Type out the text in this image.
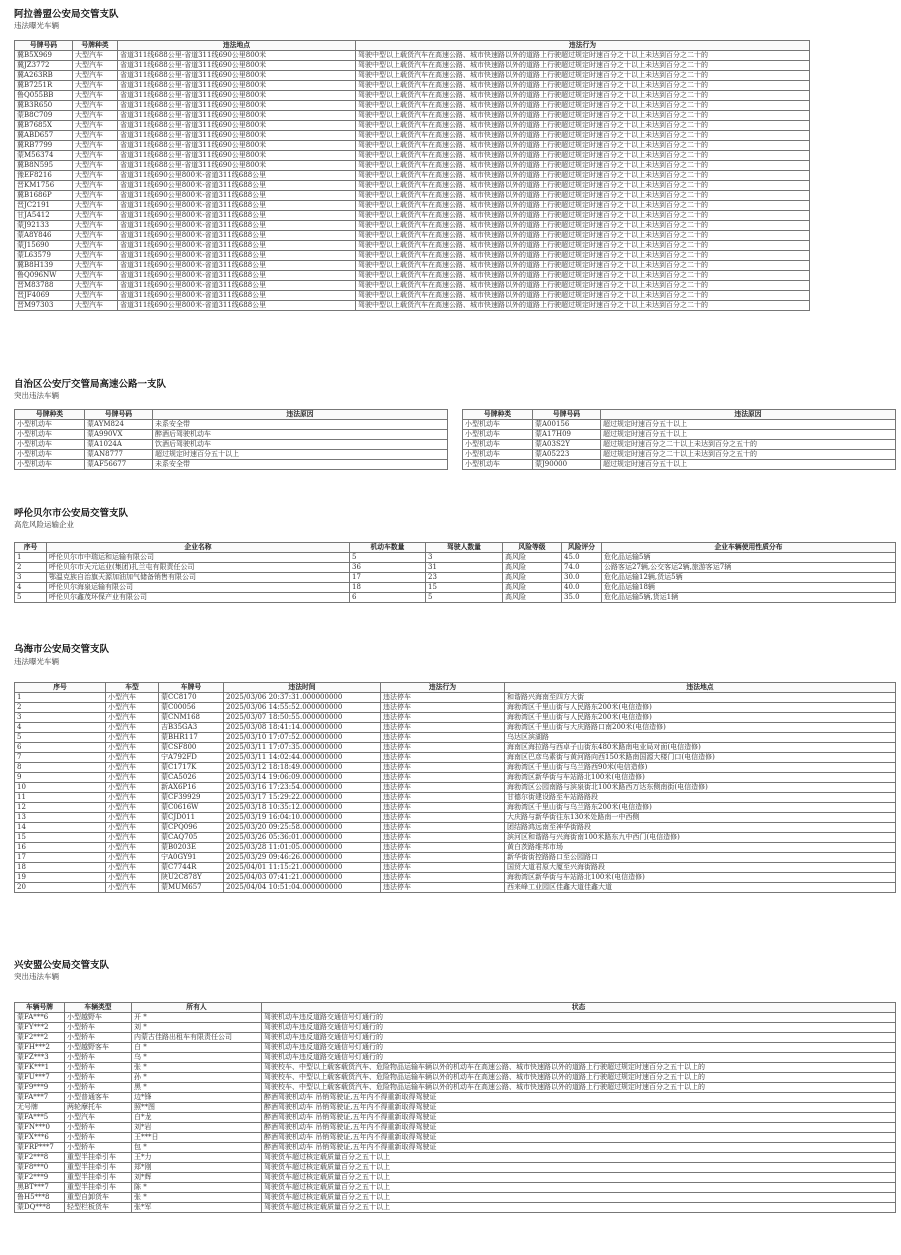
阿拉善盟公安局交管支队
违法曝光车辆
号牌号码	号牌种类	违法地点	违法行为
冀B5X969	大型汽车	省道311线688公里-省道311线690公里800米	驾驶中型以上载货汽车在高速公路、城市快速路以外的道路上行驶超过规定时速百分之十以上未达到百分之二十的
冀JZ3772	大型汽车	省道311线688公里-省道311线690公里800米	驾驶中型以上载货汽车在高速公路、城市快速路以外的道路上行驶超过规定时速百分之十以上未达到百分之二十的
冀A263RB	大型汽车	省道311线688公里-省道311线690公里800米	驾驶中型以上载货汽车在高速公路、城市快速路以外的道路上行驶超过规定时速百分之十以上未达到百分之二十的
冀B7251R	大型汽车	省道311线688公里-省道311线690公里800米	驾驶中型以上载货汽车在高速公路、城市快速路以外的道路上行驶超过规定时速百分之十以上未达到百分之二十的
鲁Q055BB	大型汽车	省道311线688公里-省道311线690公里800米	驾驶中型以上载货汽车在高速公路、城市快速路以外的道路上行驶超过规定时速百分之十以上未达到百分之二十的
冀B3R650	大型汽车	省道311线688公里-省道311线690公里800米	驾驶中型以上载货汽车在高速公路、城市快速路以外的道路上行驶超过规定时速百分之十以上未达到百分之二十的
蒙B8C709	大型汽车	省道311线688公里-省道311线690公里800米	驾驶中型以上载货汽车在高速公路、城市快速路以外的道路上行驶超过规定时速百分之十以上未达到百分之二十的
冀B7685X	大型汽车	省道311线688公里-省道311线690公里800米	驾驶中型以上载货汽车在高速公路、城市快速路以外的道路上行驶超过规定时速百分之十以上未达到百分之二十的
冀ABD657	大型汽车	省道311线688公里-省道311线690公里800米	驾驶中型以上载货汽车在高速公路、城市快速路以外的道路上行驶超过规定时速百分之十以上未达到百分之二十的
冀RB7799	大型汽车	省道311线688公里-省道311线690公里800米	驾驶中型以上载货汽车在高速公路、城市快速路以外的道路上行驶超过规定时速百分之十以上未达到百分之二十的
蒙M56374	大型汽车	省道311线688公里-省道311线690公里800米	驾驶中型以上载货汽车在高速公路、城市快速路以外的道路上行驶超过规定时速百分之十以上未达到百分之二十的
冀B8N595	大型汽车	省道311线688公里-省道311线690公里800米	驾驶中型以上载货汽车在高速公路、城市快速路以外的道路上行驶超过规定时速百分之十以上未达到百分之二十的
豫EF8216	大型汽车	省道311线690公里800米-省道311线688公里	驾驶中型以上载货汽车在高速公路、城市快速路以外的道路上行驶超过规定时速百分之十以上未达到百分之二十的
晋KM1756	大型汽车	省道311线690公里800米-省道311线688公里	驾驶中型以上载货汽车在高速公路、城市快速路以外的道路上行驶超过规定时速百分之十以上未达到百分之二十的
冀B1686P	大型汽车	省道311线690公里800米-省道311线688公里	驾驶中型以上载货汽车在高速公路、城市快速路以外的道路上行驶超过规定时速百分之十以上未达到百分之二十的
晋JC2191	大型汽车	省道311线690公里800米-省道311线688公里	驾驶中型以上载货汽车在高速公路、城市快速路以外的道路上行驶超过规定时速百分之十以上未达到百分之二十的
甘JA5412	大型汽车	省道311线690公里800米-省道311线688公里	驾驶中型以上载货汽车在高速公路、城市快速路以外的道路上行驶超过规定时速百分之十以上未达到百分之二十的
蒙J92133	大型汽车	省道311线690公里800米-省道311线688公里	驾驶中型以上载货汽车在高速公路、城市快速路以外的道路上行驶超过规定时速百分之十以上未达到百分之二十的
蒙A8Y846	大型汽车	省道311线690公里800米-省道311线688公里	驾驶中型以上载货汽车在高速公路、城市快速路以外的道路上行驶超过规定时速百分之十以上未达到百分之二十的
蒙J15690	大型汽车	省道311线690公里800米-省道311线688公里	驾驶中型以上载货汽车在高速公路、城市快速路以外的道路上行驶超过规定时速百分之十以上未达到百分之二十的
蒙L63579	大型汽车	省道311线690公里800米-省道311线688公里	驾驶中型以上载货汽车在高速公路、城市快速路以外的道路上行驶超过规定时速百分之十以上未达到百分之二十的
冀B8H139	大型汽车	省道311线690公里800米-省道311线688公里	驾驶中型以上载货汽车在高速公路、城市快速路以外的道路上行驶超过规定时速百分之十以上未达到百分之二十的
鲁Q096NW	大型汽车	省道311线690公里800米-省道311线688公里	驾驶中型以上载货汽车在高速公路、城市快速路以外的道路上行驶超过规定时速百分之十以上未达到百分之二十的
晋M83788	大型汽车	省道311线690公里800米-省道311线688公里	驾驶中型以上载货汽车在高速公路、城市快速路以外的道路上行驶超过规定时速百分之十以上未达到百分之二十的
晋JF4069	大型汽车	省道311线690公里800米-省道311线688公里	驾驶中型以上载货汽车在高速公路、城市快速路以外的道路上行驶超过规定时速百分之十以上未达到百分之二十的
晋M97303	大型汽车	省道311线690公里800米-省道311线688公里	驾驶中型以上载货汽车在高速公路、城市快速路以外的道路上行驶超过规定时速百分之十以上未达到百分之二十的
自治区公安厅交管局高速公路一支队
突出违法车辆
号牌种类	号牌号码	违法原因
小型机动车	蒙AYM824	未系安全带
小型机动车	蒙A990VX	醉酒后驾驶机动车
小型机动车	蒙A1024A	饮酒后驾驶机动车
小型机动车	蒙AN8777	超过规定时速百分五十以上
小型机动车	蒙AF56677	未系安全带
号牌种类	号牌号码	违法原因
小型机动车	蒙A00156	超过规定时速百分五十以上
小型机动车	蒙A17H09	超过规定时速百分五十以上
小型机动车	蒙A03S2Y	超过规定时速百分之二十以上未达到百分之五十的
小型机动车	蒙A05223	超过规定时速百分之二十以上未达到百分之五十的
小型机动车	蒙J90000	超过规定时速百分五十以上
呼伦贝尔市公安局交管支队
高危风险运输企业
序号	企业名称	机动车数量	驾驶人数量	风险等级	风险评分	企业车辆使用性质分布
1	呼伦贝尔市中瑞运和运输有限公司	5	3	高风险	45.0	危化品运输5辆
2	呼伦贝尔市天元运业(集团)扎兰屯有限责任公司	36	31	高风险	74.0	公路客运27辆,公交客运2辆,旅游客运7辆
3	鄂温克族自治旗天源加油加气储备销售有限公司	17	23	高风险	30.0	危化品运输12辆,货运5辆
4	呼伦贝尔海泉运输有限公司	18	15	高风险	40.0	危化品运输18辆
5	呼伦贝尔鑫茂环保产业有限公司	6	5	高风险	35.0	危化品运输5辆,货运1辆
乌海市公安局交管支队
违法曝光车辆
序号	车型	车牌号	违法时间	违法行为	违法地点
1	小型汽车	蒙CC8170	2025/03/06 20:37:31.000000000	违法停车	和谐路兴海南至四方大街
2	小型汽车	蒙C00056	2025/03/06 14:55:52.000000000	违法停车	海勃湾区千里山街与人民路东200米(电信造修)
3	小型汽车	蒙CNM168	2025/03/07 18:50:55.000000000	违法停车	海勃湾区千里山街与人民路东200米(电信造修)
4	小型汽车	吉B35GA3	2025/03/08 18:41:14.000000000	违法停车	海勃湾区千里山街与大庆路路口南200米(电信造修)
5	小型汽车	蒙BHR117	2025/03/10 17:07:52.000000000	违法停车	乌达区滨湖路
6	小型汽车	蒙CSF800	2025/03/11 17:07:35.000000000	违法停车	海南区海拉路与西卓子山街东480米路南电业局对面(电信造修)
7	小型汽车	宁A792FD	2025/03/11 14:02:44.000000000	违法停车	海南区巴彦乌素街与黄河路向西150米路南国源大楼门口(电信造修)
8	小型汽车	蒙C1717K	2025/03/12 18:18:49.000000000	违法停车	海勃湾区千里山街与乌兰路西90米(电信造修)
9	小型汽车	蒙CA5026	2025/03/14 19:06:09.000000000	违法停车	海勃湾区新华街与车站路北100米(电信造修)
10	小型汽车	新AX6P16	2025/03/16 17:23:54.000000000	违法停车	海勃湾区公园南路与滨泉街北100米路西万达东侧南街(电信造修)
11	小型汽车	蒙CF39929	2025/03/17 15:29:22.000000000	违法停车	甘德尔街建设路至车站路路段
12	小型汽车	蒙C0616W	2025/03/18 10:35:12.000000000	违法停车	海勃湾区千里山街与乌兰路东200米(电信造修)
13	小型汽车	蒙CJD011	2025/03/19 16:04:10.000000000	违法停车	大庆路与新华街往东130米处路南一中西侧
14	小型汽车	蒙CPQ096	2025/03/20 09:25:58.000000000	违法停车	团结路鸿远南至神华街路段
15	小型汽车	蒙CAQ705	2025/03/26 05:36:01.000000000	违法停车	滨河区和谐路与兴海街南100米路东九中西门(电信造修)
16	小型汽车	蒙B0203E	2025/03/28 11:01:05.000000000	违法停车	黄白茨路维邦市场
17	小型汽车	宁A0GY91	2025/03/29 09:46:26.000000000	违法停车	新华街街控路路口至公园路口
18	小型汽车	蒙C7744R	2025/04/01 11:15:21.000000000	违法停车	国贸大道君原大厦至兴海街路段
19	小型汽车	陕U2C878Y	2025/04/03 07:41:21.000000000	违法停车	海勃湾区新华街与车站路北100米(电信造修)
20	小型汽车	蒙MUM657	2025/04/04 10:51:04.000000000	违法停车	西来峰工业园区佳鑫大道佳鑫大道
兴安盟公安局交管支队
突出违法车辆
车辆号牌	车辆类型	所有人	状态
蒙FA***6	小型越野车	开 *	驾驶机动车违反道路交通信号灯通行的
蒙FY***2	小型轿车	刘 *	驾驶机动车违反道路交通信号灯通行的
蒙F2***2	小型轿车	内蒙古佳路出租车有限责任公司	驾驶机动车违反道路交通信号灯通行的
蒙FH***2	小型越野客车	白 *	驾驶机动车违反道路交通信号灯通行的
蒙FZ***3	小型轿车	乌 *	驾驶机动车违反道路交通信号灯通行的
蒙FK***1	小型轿车	张 *	驾驶校车、中型以上载客载货汽车、危险物品运输车辆以外的机动车在高速公路、城市快速路以外的道路上行驶超过规定时速百分之五十以上的
蒙FU***7	小型轿车	孙 *	驾驶校车、中型以上载客载货汽车、危险物品运输车辆以外的机动车在高速公路、城市快速路以外的道路上行驶超过规定时速百分之五十以上的
蒙F9***9	小型轿车	黑 *	驾驶校车、中型以上载客载货汽车、危险物品运输车辆以外的机动车在高速公路、城市快速路以外的道路上行驶超过规定时速百分之五十以上的
蒙FA***7	小型普通客车	边*锋	醉酒驾驶机动车 吊销驾驶证,五年内不得重新取得驾驶证
无号牌	两轮摩托车	照**图	醉酒驾驶机动车 吊销驾驶证,五年内不得重新取得驾驶证
蒙FA***5	小型汽车	白*龙	醉酒驾驶机动车 吊销驾驶证,五年内不得重新取得驾驶证
蒙FN***0	小型轿车	刘*岩	醉酒驾驶机动车 吊销驾驶证,五年内不得重新取得驾驶证
蒙FX***6	小型轿车	王***日	醉酒驾驶机动车 吊销驾驶证,五年内不得重新取得驾驶证
蒙FRP***7	小型轿车	包 *	醉酒驾驶机动车 吊销驾驶证,五年内不得重新取得驾驶证
蒙F2***8	重型半挂牵引车	王*力	驾驶货车超过核定载质量百分之五十以上
蒙F8***0	重型半挂牵引车	郑*刚	驾驶货车超过核定载质量百分之五十以上
蒙F2***9	重型半挂牵引车	刘*辉	驾驶货车超过核定载质量百分之五十以上
黑BT***7	重型半挂牵引车	陈 *	驾驶货车超过核定载质量百分之五十以上
鲁H5***8	重型自卸货车	张 *	驾驶货车超过核定载质量百分之五十以上
蒙DQ***8	轻型栏板货车	张*军	驾驶货车超过核定载质量百分之五十以上
